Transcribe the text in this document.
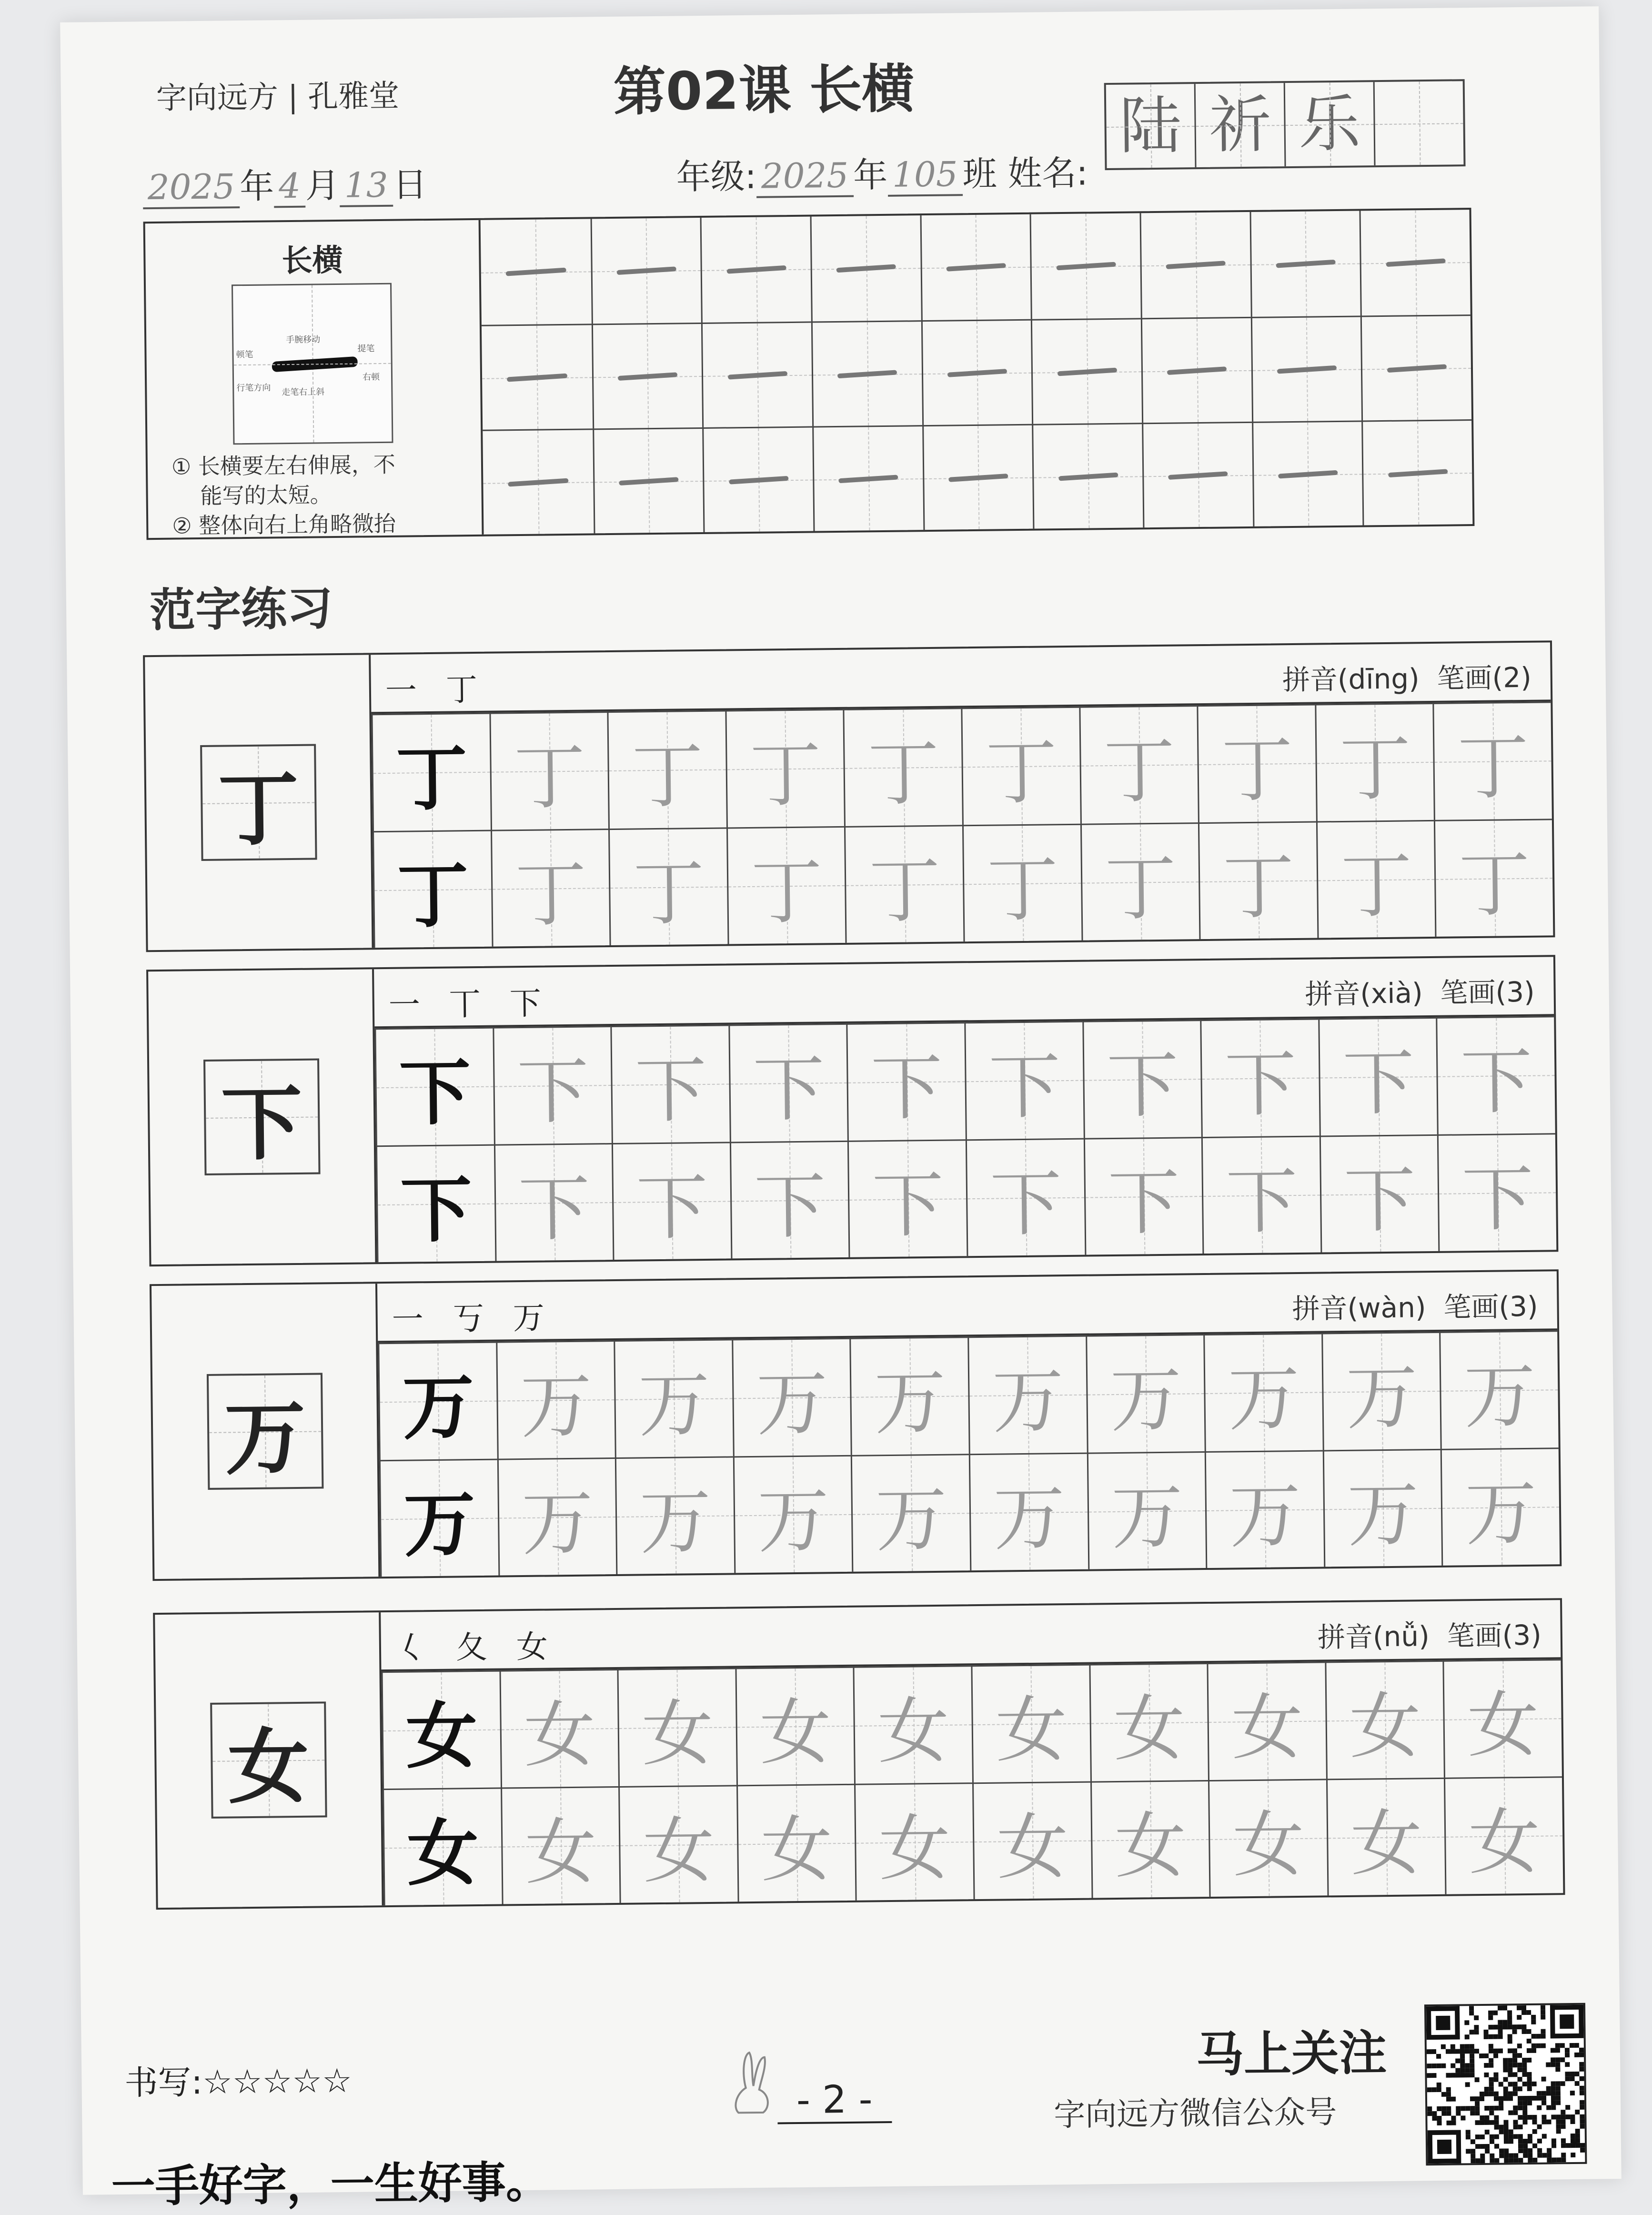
字向远方 | 孔雅堂	第02课 长横
2025 年 4 月 13 日	年级: 2025 年 105 班 姓名:
陆 祈 乐
长横
顿笔
手腕移动
提笔
行笔方向
右顿
走笔右上斜
① 长横要左右伸展，不
能写的太短。
② 整体向右上角略微抬
范字练习
丁
一 丁	拼音(dīng)  笔画(2)
丁 丁 丁 丁 丁 丁 丁 丁 丁 丁
丁 丁 丁 丁 丁 丁 丁 丁 丁 丁
下
一 丅 下	拼音(xià)  笔画(3)
下 下 下 下 下 下 下 下 下 下
下 下 下 下 下 下 下 下 下 下
万
一 丂 万	拼音(wàn)  笔画(3)
万 万 万 万 万 万 万 万 万 万
万 万 万 万 万 万 万 万 万 万
女
𡿨 夂 女	拼音(nǚ)  笔画(3)
女 女 女 女 女 女 女 女 女 女
女 女 女 女 女 女 女 女 女 女
书写:☆☆☆☆☆	- 2 -
马上关注
字向远方微信公众号
一手好字，一生好事。
